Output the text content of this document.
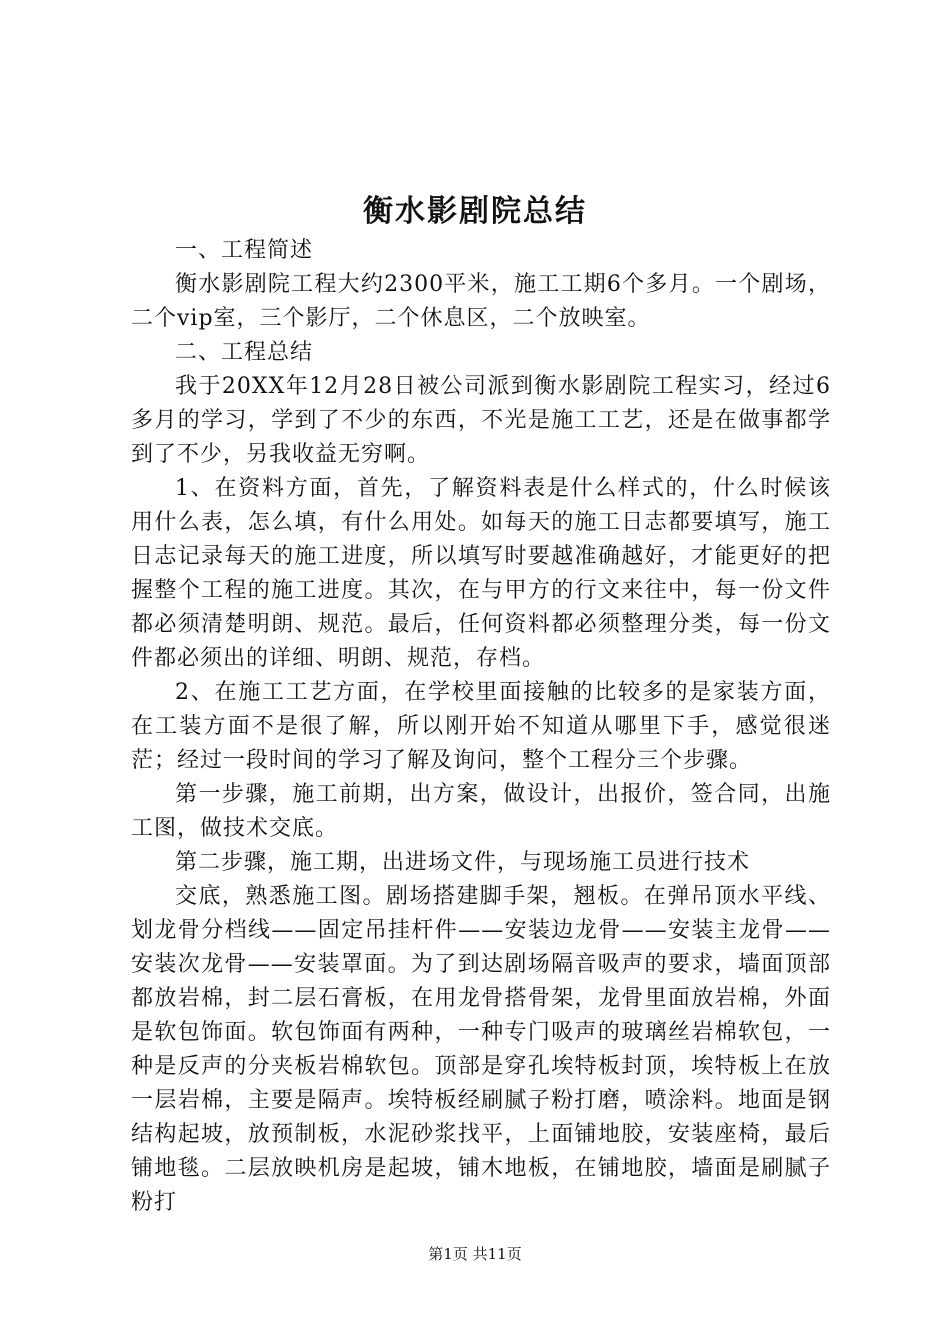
衡水影剧院总结

一、工程简述

衡水影剧院工程大约2300平米，施工工期6个多月。一个剧场，二个vip室，三个影厅，二个休息区，二个放映室。

二、工程总结

我于20XX年12月28日被公司派到衡水影剧院工程实习，经过6多月的学习，学到了不少的东西，不光是施工工艺，还是在做事都学到了不少，另我收益无穷啊。

1、在资料方面，首先，了解资料表是什么样式的，什么时候该用什么表，怎么填，有什么用处。如每天的施工日志都要填写，施工日志记录每天的施工进度，所以填写时要越准确越好，才能更好的把握整个工程的施工进度。其次，在与甲方的行文来往中，每一份文件都必须清楚明朗、规范。最后，任何资料都必须整理分类，每一份文件都必须出的详细、明朗、规范，存档。

2、在施工工艺方面，在学校里面接触的比较多的是家装方面，在工装方面不是很了解，所以刚开始不知道从哪里下手，感觉很迷茫；经过一段时间的学习了解及询问，整个工程分三个步骤。

第一步骤，施工前期，出方案，做设计，出报价，签合同，出施工图，做技术交底。

第二步骤，施工期，出进场文件，与现场施工员进行技术

交底，熟悉施工图。剧场搭建脚手架，翘板。在弹吊顶水平线、划龙骨分档线——固定吊挂杆件——安装边龙骨——安装主龙骨——安装次龙骨——安装罩面。为了到达剧场隔音吸声的要求，墙面顶部都放岩棉，封二层石膏板，在用龙骨搭骨架，龙骨里面放岩棉，外面是软包饰面。软包饰面有两种，一种专门吸声的玻璃丝岩棉软包，一种是反声的分夹板岩棉软包。顶部是穿孔埃特板封顶，埃特板上在放一层岩棉，主要是隔声。埃特板经刷腻子粉打磨，喷涂料。地面是钢结构起坡，放预制板，水泥砂浆找平，上面铺地胶，安装座椅，最后铺地毯。二层放映机房是起坡，铺木地板，在铺地胶，墙面是刷腻子粉打

第1页 共11页
